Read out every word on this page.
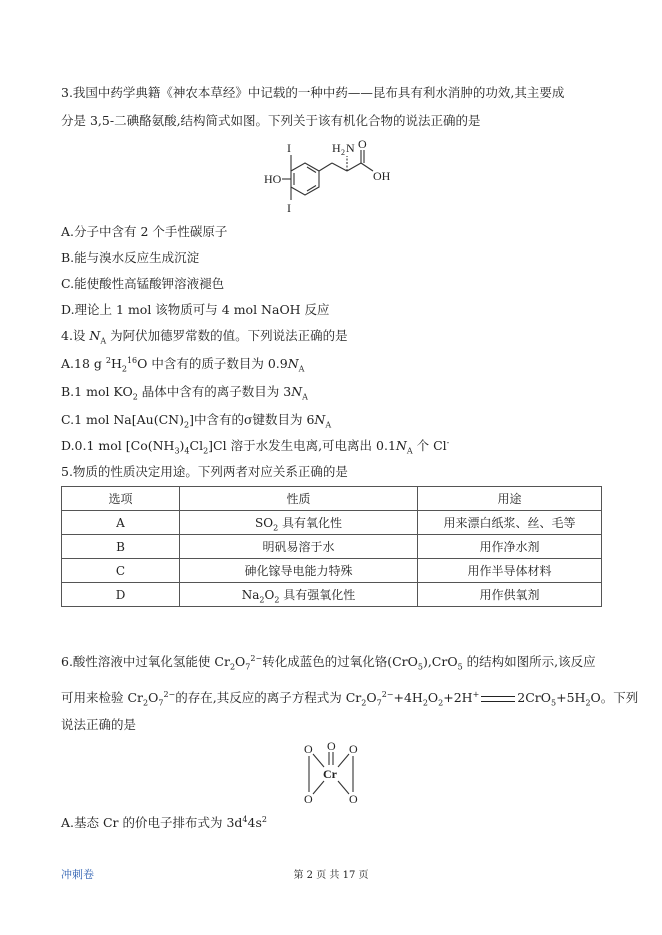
3.我国中药学典籍《神农本草经》中记载的一种中药——昆布具有利水消肿的功效,其主要成
分是 3,5-二碘酪氨酸,结构简式如图。下列关于该有机化合物的说法正确的是
I
I
HO
H 2 N O
OH
A.分子中含有 2 个手性碳原子
B.能与溴水反应生成沉淀
C.能使酸性高锰酸钾溶液褪色
D.理论上 1 mol 该物质可与 4 mol NaOH 反应
4.设 $N_A$ 为阿伏加德罗常数的值。下列说法正确的是
A.18 g $^2H_2^{16}O$ 中含有的质子数目为 $0.9N_A$
B.1 mol $KO_2$ 晶体中含有的离子数目为 $3N_A$
C.1 mol $Na[Au(CN)_2]$中含有的σ键数目为 $6N_A$
D.0.1 mol $[Co(NH_3)_4Cl_2]Cl$ 溶于水发生电离,可电离出 $0.1N_A$ 个 Cl-
5.物质的性质决定用途。下列两者对应关系正确的是
选项	性质	用途
A	$SO_2$ 具有氧化性	用来漂白纸浆、丝、毛等
B	明矾易溶于水	用作净水剂
C	砷化镓导电能力特殊	用作半导体材料
D	$Na_2O_2$ 具有强氧化性	用作供氧剂
6.酸性溶液中过氧化氢能使 $Cr_2O_7^{2-}$转化成蓝色的过氧化铬(CrO$_5$),CrO$_5$ 的结构如图所示,该反应
可用来检验 $Cr_2O_7^{2-}$的存在,其反应的离子方程式为 $Cr_2O_7^{2-}+4H_2O_2+2H^+$	$2CrO_5+5H_2O$。下列
说法正确的是
O O O
Cr
O	O
A.基态 Cr 的价电子排布式为 $3d^44s^2$
冲刺卷	第 2 页 共 17 页
